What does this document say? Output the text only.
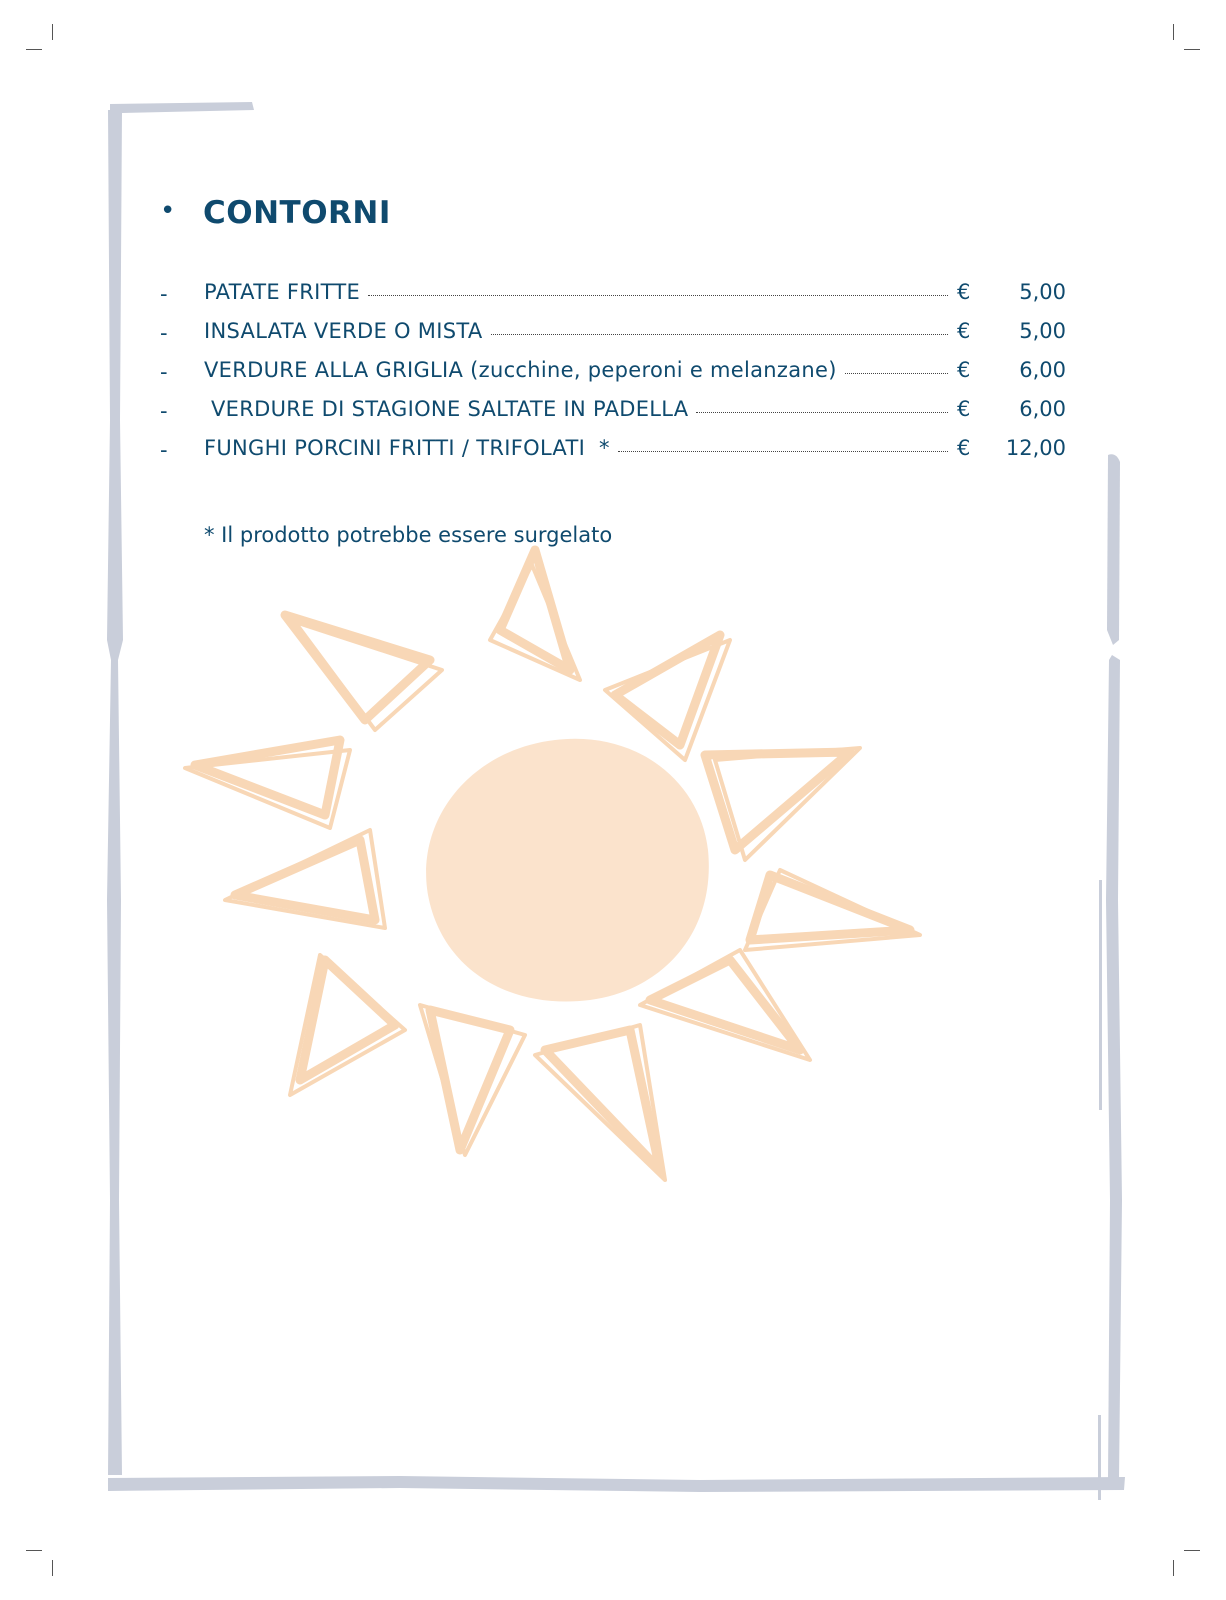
• CONTORNI
- PATATE FRITTE	€ 5,00
- INSALATA VERDE O MISTA	€ 5,00
- VERDURE ALLA GRIGLIA (zucchine, peperoni e melanzane)	€ 6,00
- VERDURE DI STAGIONE SALTATE IN PADELLA	€ 6,00
- FUNGHI PORCINI FRITTI / TRIFOLATI  *	€ 12,00
* Il prodotto potrebbe essere surgelato
